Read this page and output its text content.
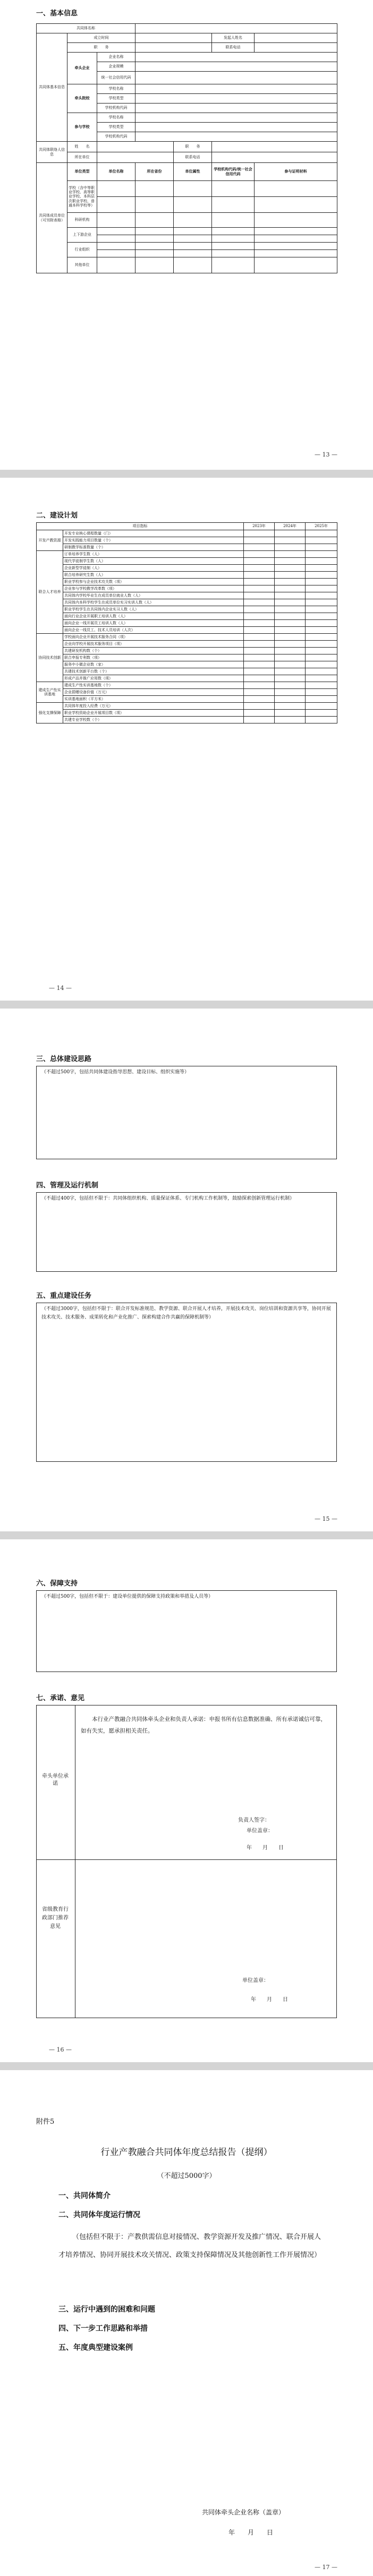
一、基本信息
共同体名称						
共同体基本信息	成立时间				发起人姓名	
	职　　务				联系电话	
	牵头企业	企业名称				
		企业规模				
		统一社会信用代码				
	牵头院校	学校名称				
		学校类型				
		学校机构代码				
	参与学校	学校名称				
		学校类型				
		学校机构代码				
共同体联络人信息	姓　　名			职　　务		
	所在单位			联系电话		
共同体成员单位（可另附表格）	单位类型	单位名称	所在省份	单位属性	学校机构代码/统一社会信用代码	参与证明材料
	学校（含中等职业学校、高等职业学校、本科层次职业学校、普通本科学校等）					

	科研机构					
	上下游企业					

	行业组织					

	其他单位					
— 13 —
二、建设计划
项目指标		2023年	2024年	2025年
开发产教资源	开发专业核心课程数量（门）			
	开发实践能力项目数量（个）			
	研制教学标准数量（个）			
联合人才培养	订单培养学生数（人）			
	现代学徒制学生数（人）			
	企业新型学徒制（人）			
	联合培养研究生数（人）			
	职业学校参与企业技术攻关数（项）			
	企业参与学校教学改革数（项）			
	共同体内学校毕业生在成员单位就业人数（人）			
	共同体内本科学校学生在成员单位实习实训人数（人）			
	职业学校学生在共同体内企业实习人数（人）			
	面向行业企业开展职工培训人数（人）			
	面向企业一线开展员工培训人数（人）			
	面向企业一线员工、技术人员培训（人次）			
协同技术创新	学校面向企业开展技术服务合同（项）			
	企业向学校开展技术服务项目（项）			
	共建研发机构数（个）			
	联合申报专利数（项）			
	服务中小微企业数（家）			
	共建技术创新平台数（个）			
	形成产品并推广应用数（项）			
建成生产性实训基地	建成生产性实训基地数（个）			
	企业捐赠设备价值（万元）			
	实训基地面积（平方米）			
强化支撑保障	共同体年度投入经费（万元）			
	职业学校资助企业开展项目数（项）			
	共建专业学校数（个）			
— 14 —
三、总体建设思路
（不超过500字，包括共同体建设指导思想、建设目标、组织实施等）
四、管理及运行机制
（不超过400字，包括但不限于：共同体组织机构、质量保证体系、专门机构工作机制等，鼓励探索创新管理运行机制）
五、重点建设任务
（不超过3000字，包括但不限于：联合开发标准规范、教学资源、联合开展人才培养，开展技术攻关、岗位培训和资源共享等，协同开展技术攻关、技术服务、成果转化和产业化推广、探索构建合作共赢的保障机制等）
— 15 —
六、保障支持
（不超过500字，包括但不限于：建设单位提供的保障支持政策和举措及人员等）
七、承诺、意见
牵头单位承诺
本行业产教融合共同体牵头企业和负责人承诺：申报书所有信息数据准确、所有承诺诚信可靠，如有失实，愿承担相关责任。
负责人签字：
单位盖章：
年　　月　　日
省级教育行政部门推荐意见
单位盖章：
年　　月　　日
— 16 —
附件5
行业产教融合共同体年度总结报告（提纲）
（不超过5000字）
一、共同体简介
二、共同体年度运行情况
（包括但不限于：产教供需信息对接情况、教学资源开发及推广情况、联合开展人才培养情况、协同开展技术攻关情况、政策支持保障情况及其他创新性工作开展情况）
三、运行中遇到的困难和问题
四、下一步工作思路和举措
五、年度典型建设案例
共同体牵头企业名称（盖章）
年　　月　　日
— 17 —
